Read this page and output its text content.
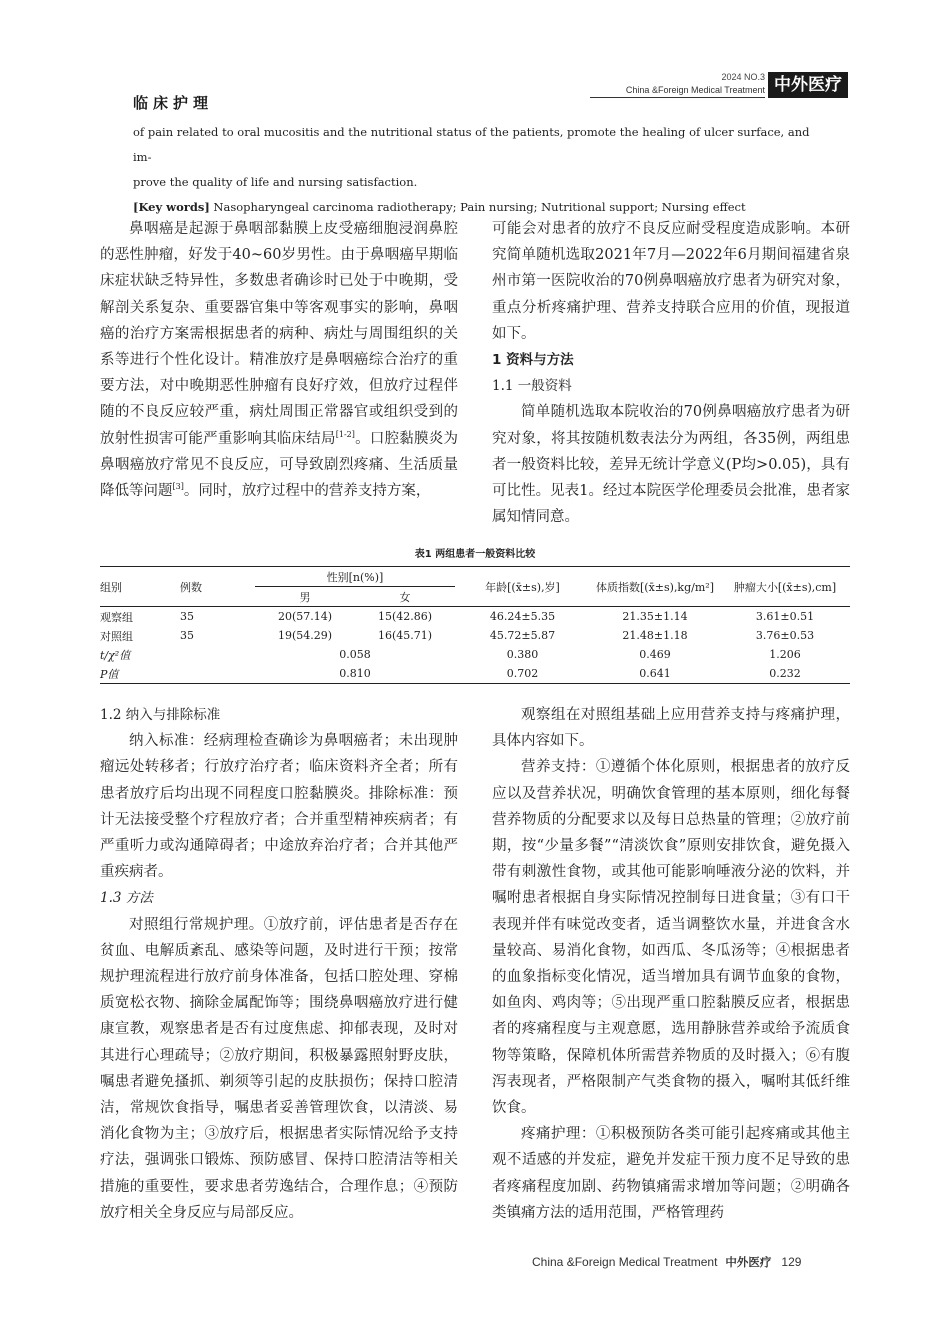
临床护理
2024 NO.3
China &Foreign Medical Treatment 中外医疗
of pain related to oral mucositis and the nutritional status of the patients, promote the healing of ulcer surface, and im-
prove the quality of life and nursing satisfaction.
[Key words] Nasopharyngeal carcinoma radiotherapy; Pain nursing; Nutritional support; Nursing effect

鼻咽癌是起源于鼻咽部黏膜上皮受癌细胞浸润鼻腔的恶性肿瘤，好发于40~60岁男性。由于鼻咽癌早期临床症状缺乏特异性，多数患者确诊时已处于中晚期，受解剖关系复杂、重要器官集中等客观事实的影响，鼻咽癌的治疗方案需根据患者的病种、病灶与周围组织的关系等进行个性化设计。精准放疗是鼻咽癌综合治疗的重要方法，对中晚期恶性肿瘤有良好疗效，但放疗过程伴随的不良反应较严重，病灶周围正常器官或组织受到的放射性损害可能严重影响其临床结局[1-2]。口腔黏膜炎为鼻咽癌放疗常见不良反应，可导致剧烈疼痛、生活质量降低等问题[3]。同时，放疗过程中的营养支持方案，

可能会对患者的放疗不良反应耐受程度造成影响。本研究简单随机选取2021年7月—2022年6月期间福建省泉州市第一医院收治的70例鼻咽癌放疗患者为研究对象，重点分析疼痛护理、营养支持联合应用的价值，现报道如下。

1 资料与方法

1.1 一般资料

简单随机选取本院收治的70例鼻咽癌放疗患者为研究对象，将其按随机数表法分为两组，各35例，两组患者一般资料比较，差异无统计学意义(P均>0.05)，具有可比性。见表1。经过本院医学伦理委员会批准，患者家属知情同意。

表1 两组患者一般资料比较
组别	例数	性别[n(%)]		年龄[(x̄±s),岁]	体质指数[(x̄±s),kg/m²]	肿瘤大小[(x̄±s),cm]
		男	女			
观察组	35	20(57.14)	15(42.86)	46.24±5.35	21.35±1.14	3.61±0.51
对照组	35	19(54.29)	16(45.71)	45.72±5.87	21.48±1.18	3.76±0.53
t/χ²值		0.058		0.380	0.469	1.206
P值		0.810		0.702	0.641	0.232

1.2 纳入与排除标准

纳入标准：经病理检查确诊为鼻咽癌者；未出现肿瘤远处转移者；行放疗治疗者；临床资料齐全者；所有患者放疗后均出现不同程度口腔黏膜炎。排除标准：预计无法接受整个疗程放疗者；合并重型精神疾病者；有严重听力或沟通障碍者；中途放弃治疗者；合并其他严重疾病者。

1.3 方法

对照组行常规护理。①放疗前，评估患者是否存在贫血、电解质紊乱、感染等问题，及时进行干预；按常规护理流程进行放疗前身体准备，包括口腔处理、穿棉质宽松衣物、摘除金属配饰等；围绕鼻咽癌放疗进行健康宣教，观察患者是否有过度焦虑、抑郁表现，及时对其进行心理疏导；②放疗期间，积极暴露照射野皮肤，嘱患者避免搔抓、剃须等引起的皮肤损伤；保持口腔清洁，常规饮食指导，嘱患者妥善管理饮食，以清淡、易消化食物为主；③放疗后，根据患者实际情况给予支持疗法，强调张口锻炼、预防感冒、保持口腔清洁等相关措施的重要性，要求患者劳逸结合，合理作息；④预防放疗相关全身反应与局部反应。

观察组在对照组基础上应用营养支持与疼痛护理，具体内容如下。

营养支持：①遵循个体化原则，根据患者的放疗反应以及营养状况，明确饮食管理的基本原则，细化每餐营养物质的分配要求以及每日总热量的管理；②放疗前期，按“少量多餐”“清淡饮食”原则安排饮食，避免摄入带有刺激性食物，或其他可能影响唾液分泌的饮料，并嘱咐患者根据自身实际情况控制每日进食量；③有口干表现并伴有味觉改变者，适当调整饮水量，并进食含水量较高、易消化食物，如西瓜、冬瓜汤等；④根据患者的血象指标变化情况，适当增加具有调节血象的食物，如鱼肉、鸡肉等；⑤出现严重口腔黏膜反应者，根据患者的疼痛程度与主观意愿，选用静脉营养或给予流质食物等策略，保障机体所需营养物质的及时摄入；⑥有腹泻表现者，严格限制产气类食物的摄入，嘱咐其低纤维饮食。

疼痛护理：①积极预防各类可能引起疼痛或其他主观不适感的并发症，避免并发症干预力度不足导致的患者疼痛程度加剧、药物镇痛需求增加等问题；②明确各类镇痛方法的适用范围，严格管理药

China &Foreign Medical Treatment 中外医疗 129
